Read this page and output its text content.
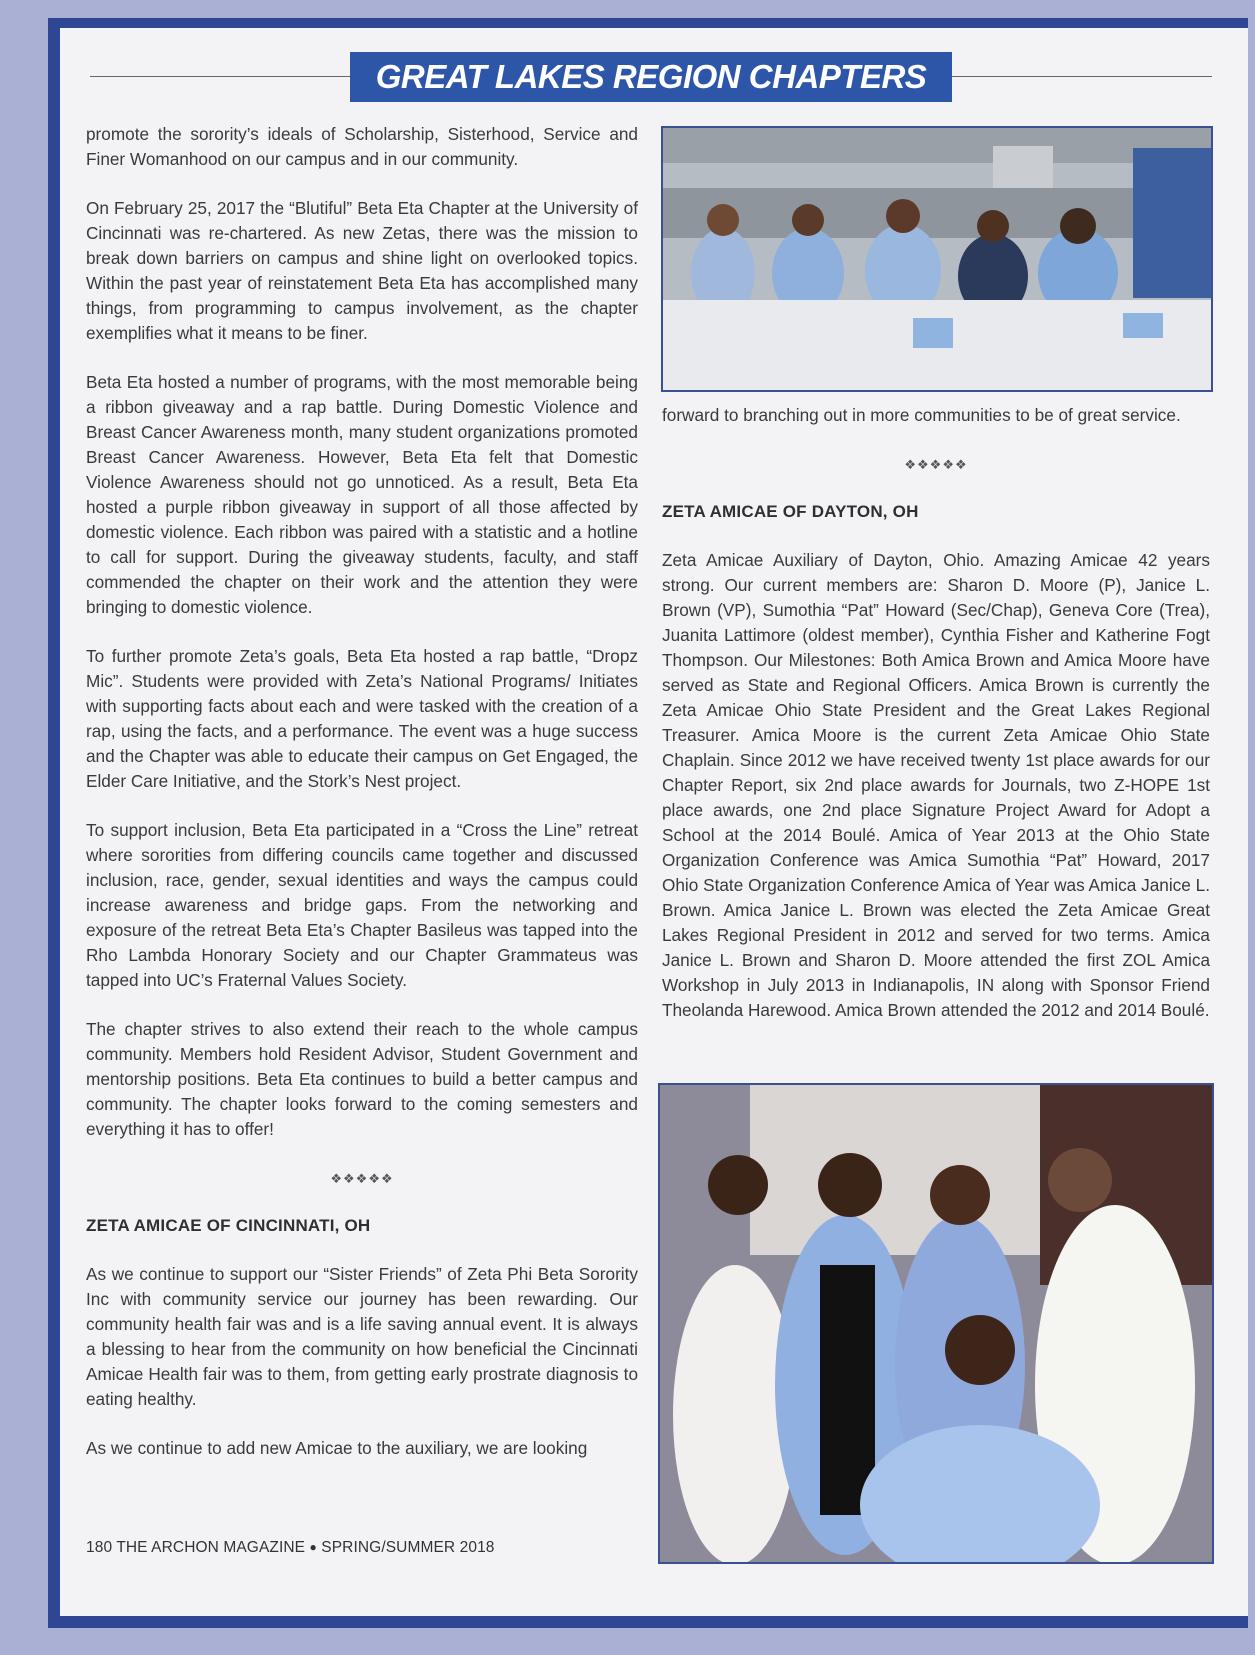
GREAT LAKES REGION CHAPTERS

promote the sorority’s ideals of Scholarship, Sisterhood, Service and Finer Womanhood on our campus and in our community.

On February 25, 2017 the “Blutiful” Beta Eta Chapter at the University of Cincinnati was re-chartered. As new Zetas, there was the mission to break down barriers on campus and shine light on overlooked topics. Within the past year of reinstatement Beta Eta has accomplished many things, from programming to campus involvement, as the chapter exemplifies what it means to be finer.

Beta Eta hosted a number of programs, with the most memorable being a ribbon giveaway and a rap battle. During Domestic Violence and Breast Cancer Awareness month, many student organizations promoted Breast Cancer Awareness. However, Beta Eta felt that Domestic Violence Awareness should not go unnoticed. As a result, Beta Eta hosted a purple ribbon giveaway in support of all those affected by domestic violence. Each ribbon was paired with a statistic and a hotline to call for support. During the giveaway students, faculty, and staff commended the chapter on their work and the attention they were bringing to domestic violence.

To further promote Zeta’s goals, Beta Eta hosted a rap battle, “Dropz Mic”. Students were provided with Zeta’s National Programs/ Initiates with supporting facts about each and were tasked with the creation of a rap, using the facts, and a performance. The event was a huge success and the Chapter was able to educate their campus on Get Engaged, the Elder Care Initiative, and the Stork’s Nest project.

To support inclusion, Beta Eta participated in a “Cross the Line” retreat where sororities from differing councils came together and discussed inclusion, race, gender, sexual identities and ways the campus could increase awareness and bridge gaps. From the networking and exposure of the retreat Beta Eta’s Chapter Basileus was tapped into the Rho Lambda Honorary Society and our Chapter Grammateus was tapped into UC’s Fraternal Values Society.

The chapter strives to also extend their reach to the whole campus community. Members hold Resident Advisor, Student Government and mentorship positions. Beta Eta continues to build a better campus and community. The chapter looks forward to the coming semesters and everything it has to offer!

❖❖❖❖❖
ZETA AMICAE OF CINCINNATI, OH

As we continue to support our “Sister Friends” of Zeta Phi Beta Sorority Inc with community service our journey has been rewarding. Our community health fair was and is a life saving annual event. It is always a blessing to hear from the community on how beneficial the Cincinnati Amicae Health fair was to them, from getting early prostrate diagnosis to eating healthy.

As we continue to add new Amicae to the auxiliary, we are looking

forward to branching out in more communities to be of great service.

❖❖❖❖❖
ZETA AMICAE OF DAYTON, OH

Zeta Amicae Auxiliary of Dayton, Ohio. Amazing Amicae 42 years strong. Our current members are: Sharon D. Moore (P), Janice L. Brown (VP), Sumothia “Pat” Howard (Sec/Chap), Geneva Core (Trea), Juanita Lattimore (oldest member), Cynthia Fisher and Katherine Fogt Thompson. Our Milestones: Both Amica Brown and Amica Moore have served as State and Regional Officers. Amica Brown is currently the Zeta Amicae Ohio State President and the Great Lakes Regional Treasurer. Amica Moore is the current Zeta Amicae Ohio State Chaplain. Since 2012 we have received twenty 1st place awards for our Chapter Report, six 2nd place awards for Journals, two Z-HOPE 1st place awards, one 2nd place Signature Project Award for Adopt a School at the 2014 Boulé. Amica of Year 2013 at the Ohio State Organization Conference was Amica Sumothia “Pat” Howard, 2017 Ohio State Organization Conference Amica of Year was Amica Janice L. Brown. Amica Janice L. Brown was elected the Zeta Amicae Great Lakes Regional President in 2012 and served for two terms. Amica Janice L. Brown and Sharon D. Moore attended the first ZOL Amica Workshop in July 2013 in Indianapolis, IN along with Sponsor Friend Theolanda Harewood. Amica Brown attended the 2012 and 2014 Boulé.

180 THE ARCHON MAGAZINE ● SPRING/SUMMER 2018
